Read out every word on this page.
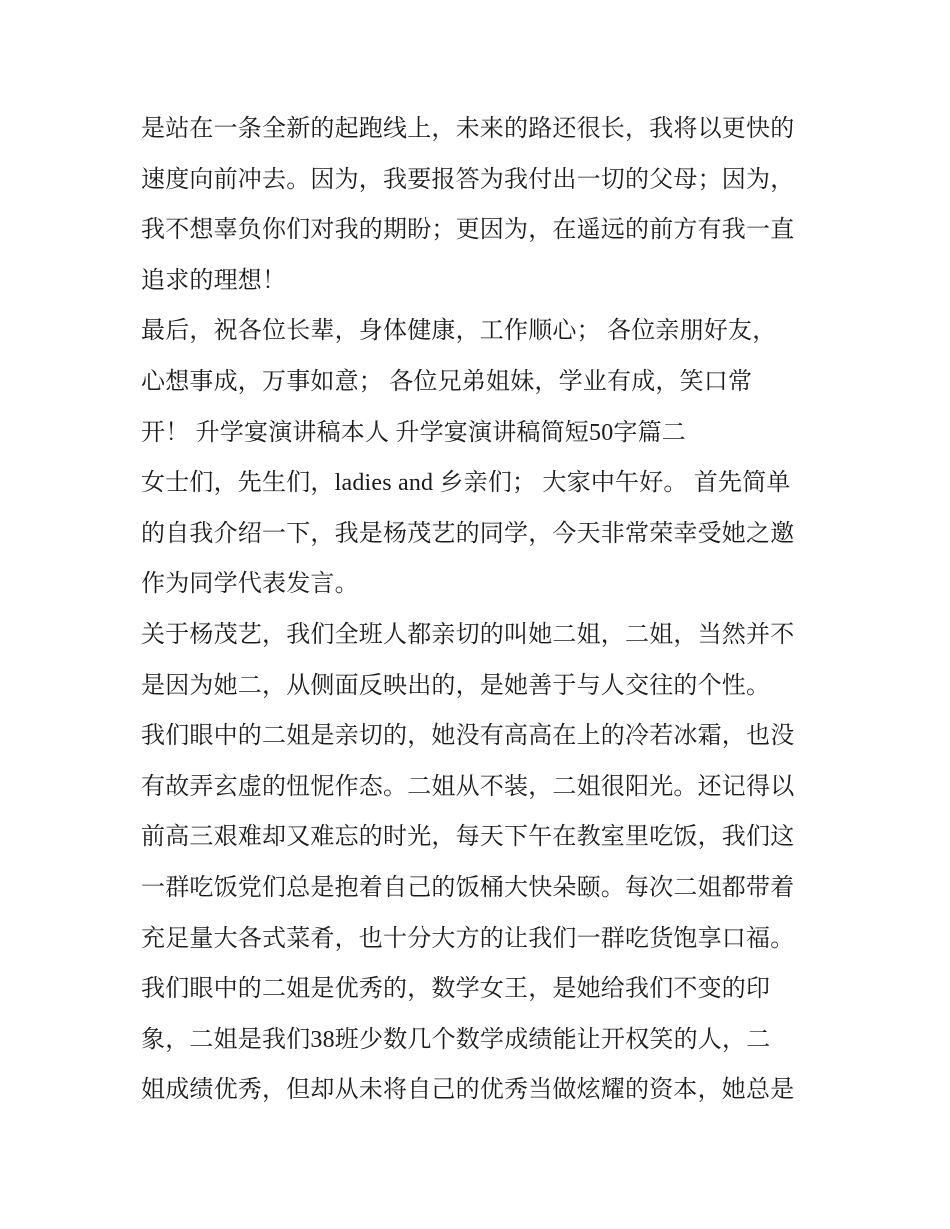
是站在一条全新的起跑线上，未来的路还很长，我将以更快的
速度向前冲去。因为，我要报答为我付出一切的父母；因为，
我不想辜负你们对我的期盼；更因为，在遥远的前方有我一直
追求的理想！
最后，祝各位长辈，身体健康，工作顺心； 各位亲朋好友，
心想事成，万事如意； 各位兄弟姐妹，学业有成，笑口常
开！ 升学宴演讲稿本人 升学宴演讲稿简短50字篇二
女士们，先生们，ladies and 乡亲们； 大家中午好。 首先简单
的自我介绍一下，我是杨茂艺的同学，今天非常荣幸受她之邀
作为同学代表发言。
关于杨茂艺，我们全班人都亲切的叫她二姐，二姐，当然并不
是因为她二，从侧面反映出的，是她善于与人交往的个性。
我们眼中的二姐是亲切的，她没有高高在上的冷若冰霜，也没
有故弄玄虚的忸怩作态。二姐从不装，二姐很阳光。还记得以
前高三艰难却又难忘的时光，每天下午在教室里吃饭，我们这
一群吃饭党们总是抱着自己的饭桶大快朵颐。每次二姐都带着
充足量大各式菜肴，也十分大方的让我们一群吃货饱享口福。
我们眼中的二姐是优秀的，数学女王，是她给我们不变的印
象，二姐是我们38班少数几个数学成绩能让开权笑的人，二
姐成绩优秀，但却从未将自己的优秀当做炫耀的资本，她总是
